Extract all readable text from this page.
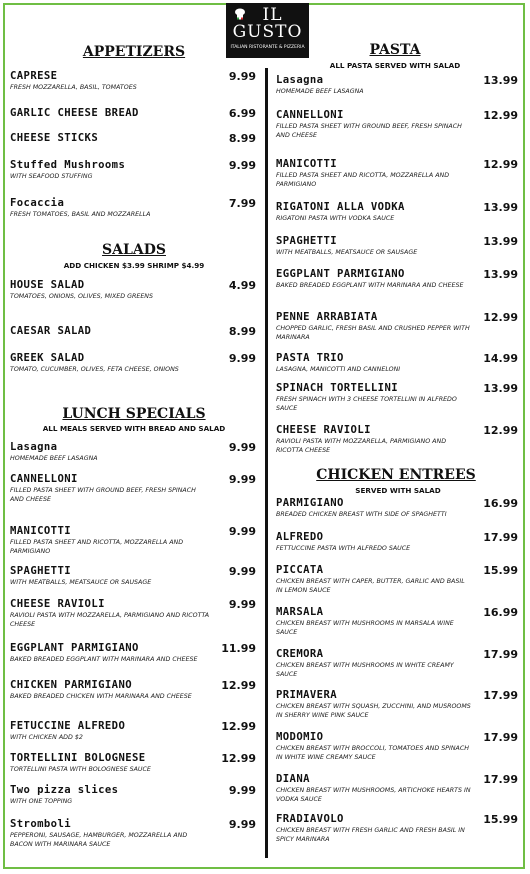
IL
GUSTO
ITALIAN RISTORANTE & PIZZERIA
APPETIZERS
CAPRESE
FRESH MOZZARELLA, BASIL, TOMATOES
9.99
GARLIC CHEESE BREAD	6.99
CHEESE STICKS	8.99
Stuffed Mushrooms
WITH SEAFOOD STUFFING
9.99
Focaccia
FRESH TOMATOES, BASIL AND MOZZARELLA
7.99
SALADS
ADD CHICKEN $3.99 SHRIMP $4.99
HOUSE SALAD
TOMATOES, ONIONS, OLIVES, MIXED GREENS
4.99
CAESAR SALAD	8.99
GREEK SALAD
TOMATO, CUCUMBER, OLIVES, FETA CHEESE, ONIONS
9.99
LUNCH SPECIALS
ALL MEALS SERVED WITH BREAD AND SALAD
Lasagna
HOMEMADE BEEF LASAGNA
9.99
CANNELLONI
FILLED PASTA SHEET WITH GROUND BEEF, FRESH SPINACH AND CHEESE
9.99
MANICOTTI
FILLED PASTA SHEET AND RICOTTA, MOZZARELLA AND PARMIGIANO
9.99
SPAGHETTI
WITH MEATBALLS, MEATSAUCE OR SAUSAGE
9.99
CHEESE RAVIOLI
RAVIOLI PASTA WITH MOZZARELLA, PARMIGIANO AND RICOTTA CHEESE
9.99
EGGPLANT PARMIGIANO
BAKED BREADED EGGPLANT WITH MARINARA AND CHEESE
11.99
CHICKEN PARMIGIANO
BAKED BREADED CHICKEN WITH MARINARA AND CHEESE
12.99
FETUCCINE ALFREDO
WITH CHICKEN ADD $2
12.99
TORTELLINI BOLOGNESE
TORTELLINI PASTA WITH BOLOGNESE SAUCE
12.99
Two pizza slices
WITH ONE TOPPING
9.99
Stromboli
PEPPERONI, SAUSAGE, HAMBURGER, MOZZARELLA AND BACON WITH MARINARA SAUCE
9.99
PASTA
ALL PASTA SERVED WITH SALAD
Lasagna
HOMEMADE BEEF LASAGNA
13.99
CANNELLONI
FILLED PASTA SHEET WITH GROUND BEEF, FRESH SPINACH AND CHEESE
12.99
MANICOTTI
FILLED PASTA SHEET AND RICOTTA, MOZZARELLA AND PARMIGIANO
12.99
RIGATONI ALLA VODKA
RIGATONI PASTA WITH VODKA SAUCE
13.99
SPAGHETTI
WITH MEATBALLS, MEATSAUCE OR SAUSAGE
13.99
EGGPLANT PARMIGIANO
BAKED BREADED EGGPLANT WITH MARINARA AND CHEESE
13.99
PENNE ARRABIATA
CHOPPED GARLIC, FRESH BASIL AND CRUSHED PEPPER WITH MARINARA
12.99
PASTA TRIO
LASAGNA, MANICOTTI AND CANNELONI
14.99
SPINACH TORTELLINI
FRESH SPINACH WITH 3 CHEESE TORTELLINI IN ALFREDO SAUCE
13.99
CHEESE RAVIOLI
RAVIOLI PASTA WITH MOZZARELLA, PARMIGIANO AND RICOTTA CHEESE
12.99
CHICKEN ENTREES
SERVED WITH SALAD
PARMIGIANO
BREADED CHICKEN BREAST WITH SIDE OF SPAGHETTI
16.99
ALFREDO
FETTUCCINE PASTA WITH ALFREDO SAUCE
17.99
PICCATA
CHICKEN BREAST WITH CAPER, BUTTER, GARLIC AND BASIL IN LEMON SAUCE
15.99
MARSALA
CHICKEN BREAST WITH MUSHROOMS IN MARSALA WINE SAUCE
16.99
CREMORA
CHICKEN BREAST WITH MUSHROOMS IN WHITE CREAMY SAUCE
17.99
PRIMAVERA
CHICKEN BREAST WITH SQUASH, ZUCCHINI, AND MUSROOMS IN SHERRY WINE PINK SAUCE
17.99
MODOMIO
CHICKEN BREAST WITH BROCCOLI, TOMATOES AND SPINACH IN WHITE WINE CREAMY SAUCE
17.99
DIANA
CHICKEN BREAST WITH MUSHROOMS, ARTICHOKE HEARTS IN VODKA SAUCE
17.99
FRADIAVOLO
CHICKEN BREAST WITH FRESH GARLIC AND FRESH BASIL IN SPICY MARINARA
15.99
